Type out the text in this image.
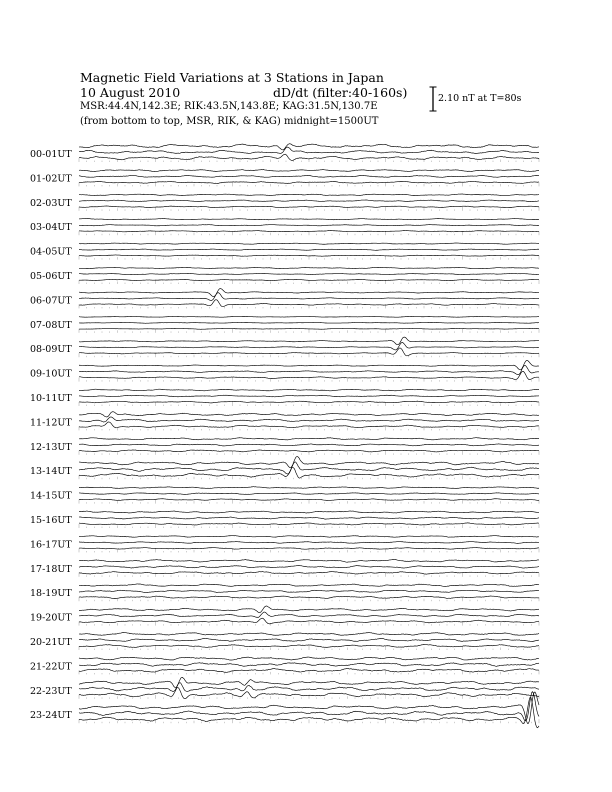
Magnetic Field Variations at 3 Stations in Japan
10 August 2010	dD/dt (filter:40-160s)
MSR:44.4N,142.3E; RIK:43.5N,143.8E; KAG:31.5N,130.7E
(from bottom to top, MSR, RIK, & KAG) midnight=1500UT
2.10 nT at T=80s
00-01UT
01-02UT
02-03UT
03-04UT
04-05UT
05-06UT
06-07UT
07-08UT
08-09UT
09-10UT
10-11UT
11-12UT
12-13UT
13-14UT
14-15UT
15-16UT
16-17UT
17-18UT
18-19UT
19-20UT
20-21UT
21-22UT
22-23UT
23-24UT
